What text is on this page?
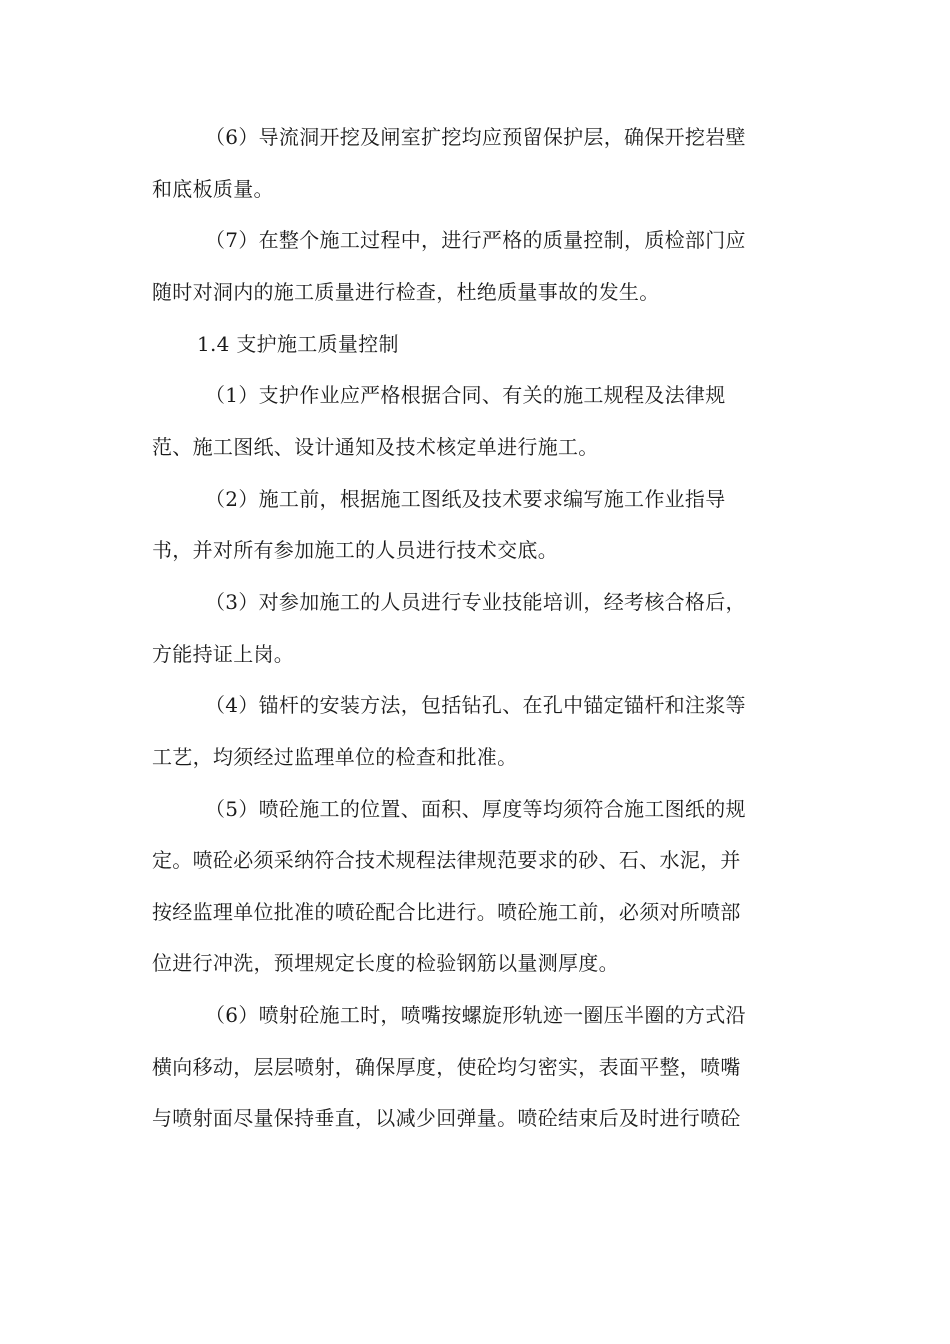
（6）导流洞开挖及闸室扩挖均应预留保护层，确保开挖岩壁
和底板质量。
（7）在整个施工过程中，进行严格的质量控制，质检部门应
随时对洞内的施工质量进行检查，杜绝质量事故的发生。
1.4 支护施工质量控制
（1）支护作业应严格根据合同、有关的施工规程及法律规
范、施工图纸、设计通知及技术核定单进行施工。
（2）施工前，根据施工图纸及技术要求编写施工作业指导
书，并对所有参加施工的人员进行技术交底。
（3）对参加施工的人员进行专业技能培训，经考核合格后，
方能持证上岗。
（4）锚杆的安装方法，包括钻孔、在孔中锚定锚杆和注浆等
工艺，均须经过监理单位的检查和批准。
（5）喷砼施工的位置、面积、厚度等均须符合施工图纸的规
定。喷砼必须采纳符合技术规程法律规范要求的砂、石、水泥，并
按经监理单位批准的喷砼配合比进行。喷砼施工前，必须对所喷部
位进行冲洗，预埋规定长度的检验钢筋以量测厚度。
（6）喷射砼施工时，喷嘴按螺旋形轨迹一圈压半圈的方式沿
横向移动，层层喷射，确保厚度，使砼均匀密实，表面平整，喷嘴
与喷射面尽量保持垂直，以减少回弹量。喷砼结束后及时进行喷砼
